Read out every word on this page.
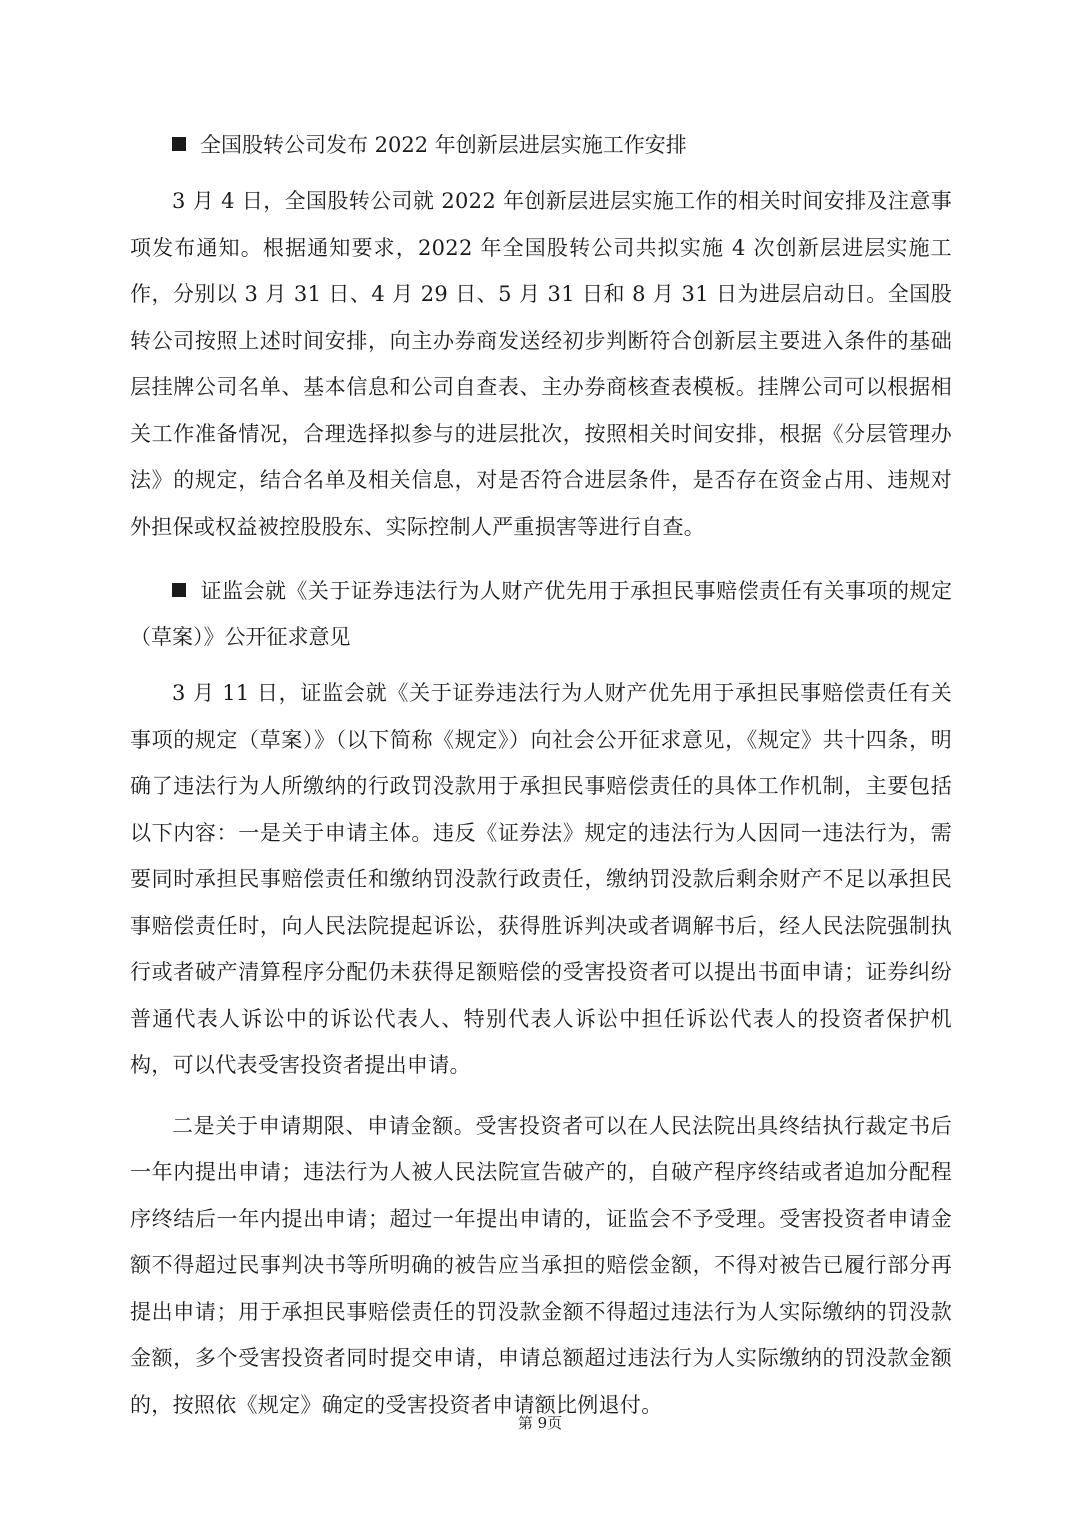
全国股转公司发布 2022 年创新层进层实施工作安排

3 月 4 日，全国股转公司就 2022 年创新层进层实施工作的相关时间安排及注意事项发布通知。根据通知要求，2022 年全国股转公司共拟实施 4 次创新层进层实施工作，分别以 3 月 31 日、4 月 29 日、5 月 31 日和 8 月 31 日为进层启动日。全国股转公司按照上述时间安排，向主办券商发送经初步判断符合创新层主要进入条件的基础层挂牌公司名单、基本信息和公司自查表、主办券商核查表模板。挂牌公司可以根据相关工作准备情况，合理选择拟参与的进层批次，按照相关时间安排，根据《分层管理办法》的规定，结合名单及相关信息，对是否符合进层条件，是否存在资金占用、违规对外担保或权益被控股股东、实际控制人严重损害等进行自查。

证监会就《关于证券违法行为人财产优先用于承担民事赔偿责任有关事项的规定（草案）》公开征求意见

3 月 11 日，证监会就《关于证券违法行为人财产优先用于承担民事赔偿责任有关事项的规定（草案）》（以下简称《规定》）向社会公开征求意见，《规定》共十四条，明确了违法行为人所缴纳的行政罚没款用于承担民事赔偿责任的具体工作机制，主要包括以下内容：一是关于申请主体。违反《证券法》规定的违法行为人因同一违法行为，需要同时承担民事赔偿责任和缴纳罚没款行政责任，缴纳罚没款后剩余财产不足以承担民事赔偿责任时，向人民法院提起诉讼，获得胜诉判决或者调解书后，经人民法院强制执行或者破产清算程序分配仍未获得足额赔偿的受害投资者可以提出书面申请；证券纠纷普通代表人诉讼中的诉讼代表人、特别代表人诉讼中担任诉讼代表人的投资者保护机构，可以代表受害投资者提出申请。

二是关于申请期限、申请金额。受害投资者可以在人民法院出具终结执行裁定书后一年内提出申请；违法行为人被人民法院宣告破产的，自破产程序终结或者追加分配程序终结后一年内提出申请；超过一年提出申请的，证监会不予受理。受害投资者申请金额不得超过民事判决书等所明确的被告应当承担的赔偿金额，不得对被告已履行部分再提出申请；用于承担民事赔偿责任的罚没款金额不得超过违法行为人实际缴纳的罚没款金额，多个受害投资者同时提交申请，申请总额超过违法行为人实际缴纳的罚没款金额的，按照依《规定》确定的受害投资者申请额比例退付。

第 9页
